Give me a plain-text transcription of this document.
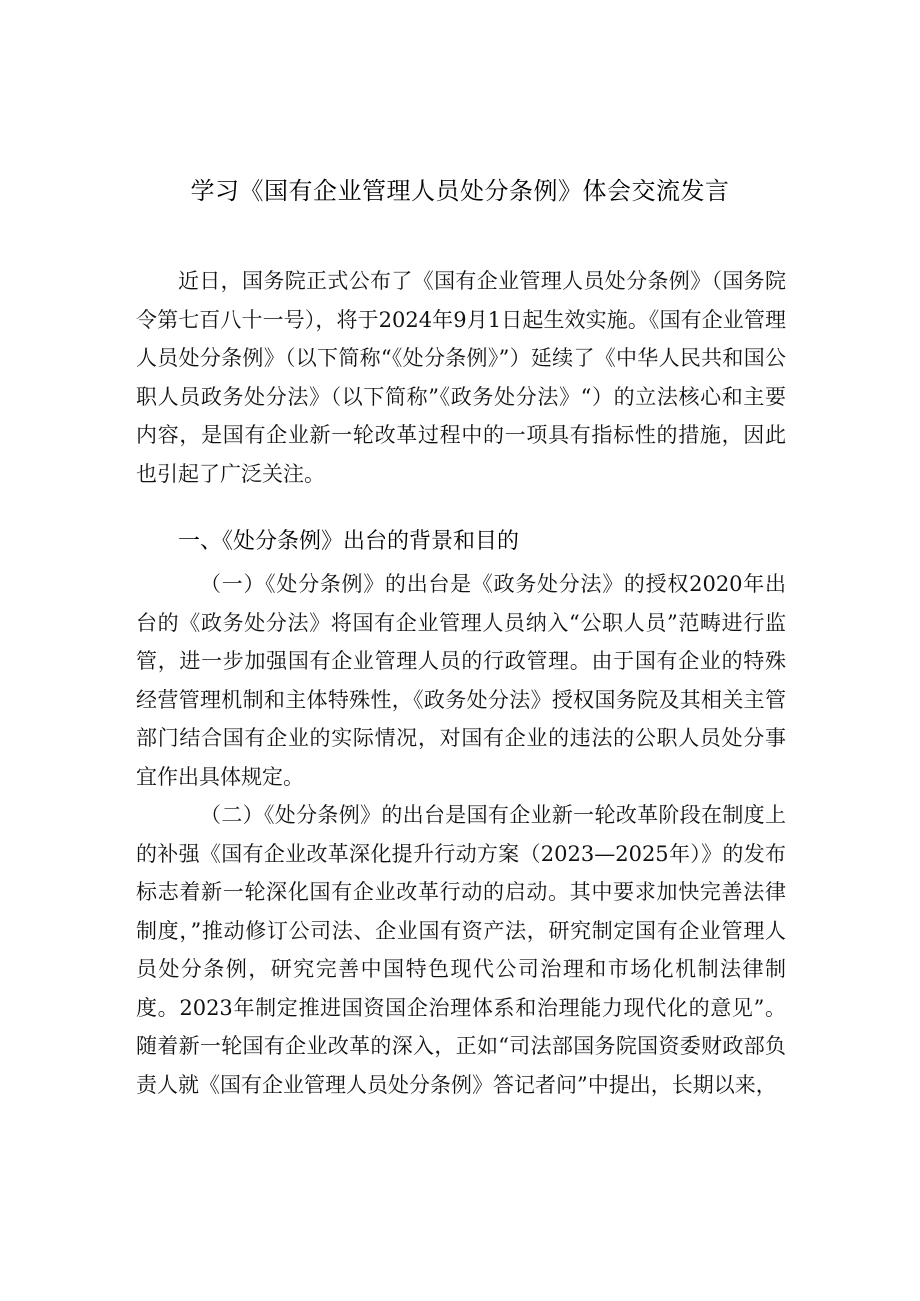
学习《国有企业管理人员处分条例》体会交流发言

近日，国务院正式公布了《国有企业管理人员处分条例》（国务院令第七百八十一号），将于2024年9月1日起生效实施。《国有企业管理人员处分条例》（以下简称“《处分条例》”）延续了《中华人民共和国公职人员政务处分法》（以下简称”《政务处分法》“）的立法核心和主要内容，是国有企业新一轮改革过程中的一项具有指标性的措施，因此也引起了广泛关注。

一、《处分条例》出台的背景和目的

（一）《处分条例》的出台是《政务处分法》的授权2020年出台的《政务处分法》将国有企业管理人员纳入“公职人员”范畴进行监管，进一步加强国有企业管理人员的行政管理。由于国有企业的特殊经营管理机制和主体特殊性，《政务处分法》授权国务院及其相关主管部门结合国有企业的实际情况，对国有企业的违法的公职人员处分事宜作出具体规定。

（二）《处分条例》的出台是国有企业新一轮改革阶段在制度上的补强《国有企业改革深化提升行动方案（2023—2025年）》的发布标志着新一轮深化国有企业改革行动的启动。其中要求加快完善法律制度，”推动修订公司法、企业国有资产法，研究制定国有企业管理人员处分条例，研究完善中国特色现代公司治理和市场化机制法律制度。2023年制定推进国资国企治理体系和治理能力现代化的意见”。随着新一轮国有企业改革的深入，正如“司法部国务院国资委财政部负责人就《国有企业管理人员处分条例》答记者问”中提出，长期以来，
